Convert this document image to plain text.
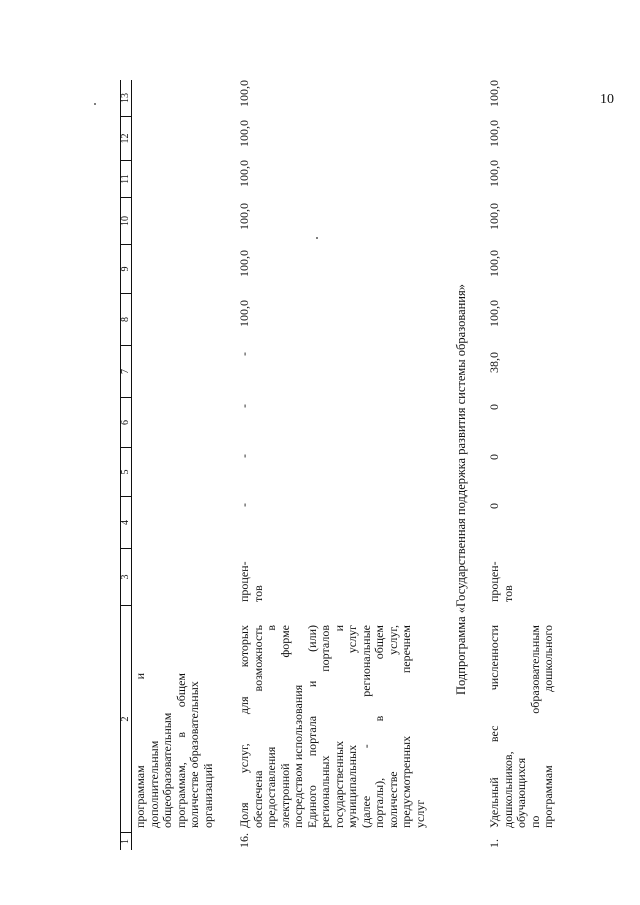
10
1
2
3
4
5
6
7
8
9
10
11
12
13
программам и дополнительным общеобразовательным программам, в общем количестве образовательных организаций
16.
Доля услуг, для которых обеспечена возможность предоставления в электронной форме посредством использования Единого портала и (или) региональных порталов государственных и муниципальных услуг (далее - региональные порталы), в общем количестве услуг, предусмотренных перечнем услуг
процен- тов
-
-
-
-
100,0
100,0
100,0
100,0
100,0
100,0
Подпрограмма «Государственная поддержка развития системы образования»
1.
Удельный вес численности дошкольников, обучающихся по образовательным программам дошкольного
процен- тов
0
0
0
38,0
100,0
100,0
100,0
100,0
100,0
100,0
